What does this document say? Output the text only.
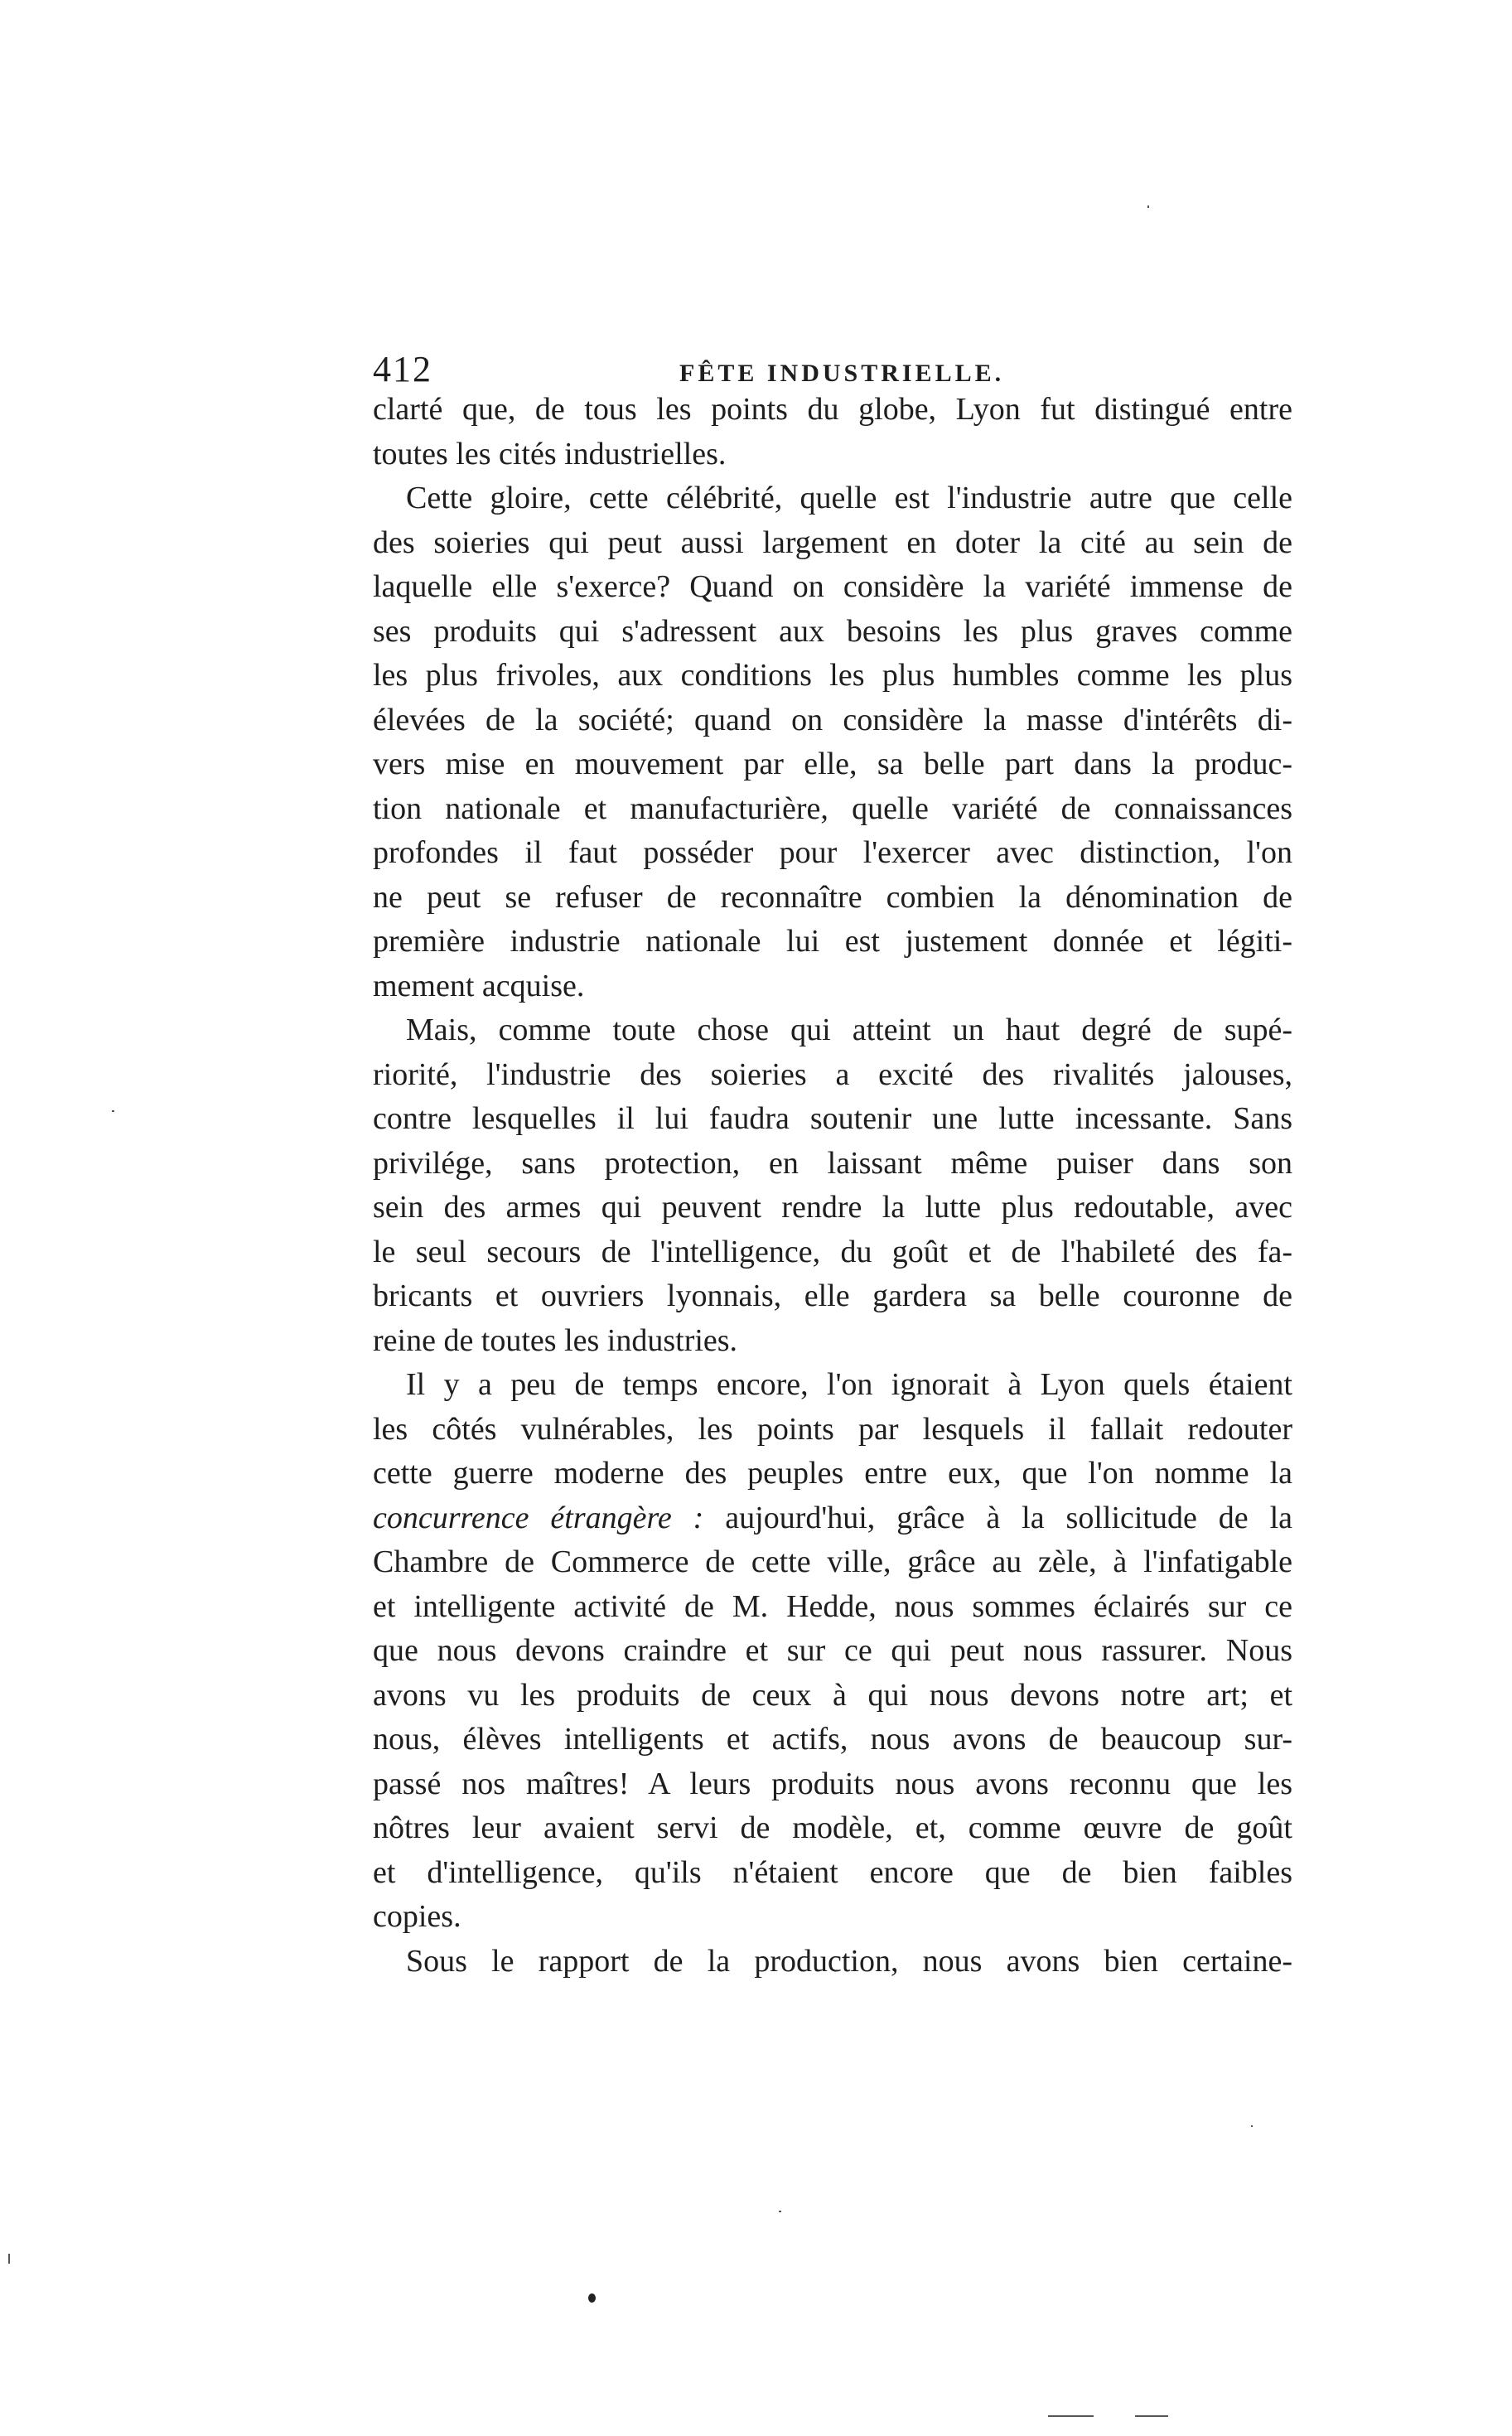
412	FÊTE INDUSTRIELLE.
clarté que, de tous les points du globe, Lyon fut distingué entre
toutes les cités industrielles.
Cette gloire, cette célébrité, quelle est l'industrie autre que celle
des soieries qui peut aussi largement en doter la cité au sein de
laquelle elle s'exerce? Quand on considère la variété immense de
ses produits qui s'adressent aux besoins les plus graves comme
les plus frivoles, aux conditions les plus humbles comme les plus
élevées de la société; quand on considère la masse d'intérêts di-
vers mise en mouvement par elle, sa belle part dans la produc-
tion nationale et manufacturière, quelle variété de connaissances
profondes il faut posséder pour l'exercer avec distinction, l'on
ne peut se refuser de reconnaître combien la dénomination de
première industrie nationale lui est justement donnée et légiti-
mement acquise.
Mais, comme toute chose qui atteint un haut degré de supé-
riorité, l'industrie des soieries a excité des rivalités jalouses,
contre lesquelles il lui faudra soutenir une lutte incessante. Sans
privilége, sans protection, en laissant même puiser dans son
sein des armes qui peuvent rendre la lutte plus redoutable, avec
le seul secours de l'intelligence, du goût et de l'habileté des fa-
bricants et ouvriers lyonnais, elle gardera sa belle couronne de
reine de toutes les industries.
Il y a peu de temps encore, l'on ignorait à Lyon quels étaient
les côtés vulnérables, les points par lesquels il fallait redouter
cette guerre moderne des peuples entre eux, que l'on nomme la
concurrence étrangère : aujourd'hui, grâce à la sollicitude de la
Chambre de Commerce de cette ville, grâce au zèle, à l'infatigable
et intelligente activité de M. Hedde, nous sommes éclairés sur ce
que nous devons craindre et sur ce qui peut nous rassurer. Nous
avons vu les produits de ceux à qui nous devons notre art; et
nous, élèves intelligents et actifs, nous avons de beaucoup sur-
passé nos maîtres! A leurs produits nous avons reconnu que les
nôtres leur avaient servi de modèle, et, comme œuvre de goût
et d'intelligence, qu'ils n'étaient encore que de bien faibles
copies.
Sous le rapport de la production, nous avons bien certaine-
